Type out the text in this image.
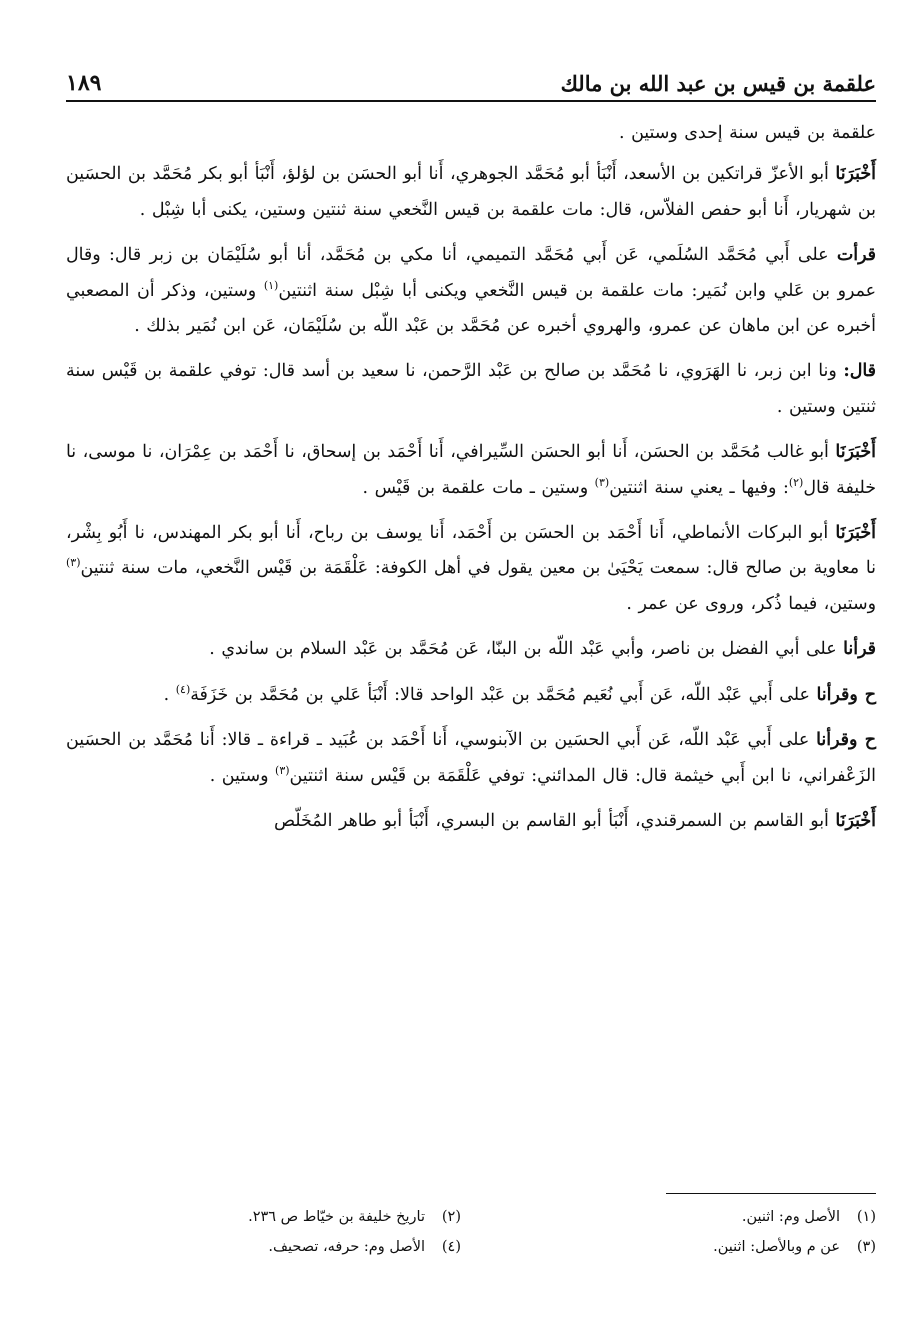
علقمة بن قيس بن عبد الله بن مالك
١٨٩

علقمة بن قيس سنة إحدى وستين .

أَخْبَرَنَا أبو الأعزّ قراتكين بن الأسعد، أَنْبَأ أبو مُحَمَّد الجوهري، أَنا أبو الحسَن بن لؤلؤ، أَنْبَأ أبو بكر مُحَمَّد بن الحسَين بن شهريار، أَنا أبو حفص الفلاّس، قال: مات علقمة بن قيس النَّخعي سنة ثنتين وستين، يكنى أبا شِبْل .

قرأت على أَبي مُحَمَّد السُلَمي، عَن أَبي مُحَمَّد التميمي، أنا مكي بن مُحَمَّد، أنا أبو سُلَيْمَان بن زبر قال: وقال عمرو بن عَلي وابن نُمَير: مات علقمة بن قيس النَّخعي ويكنى أبا شِبْل سنة اثنتين$^{(١)}$ وستين، وذكر أن المصعبي أخبره عن ابن ماهان عن عمرو، والهروي أخبره عن مُحَمَّد بن عَبْد اللّه بن سُلَيْمَان، عَن ابن نُمَير بذلك .

قال: ونا ابن زبر، نا الهَرَوي، نا مُحَمَّد بن صالح بن عَبْد الرَّحمن، نا سعيد بن أسد قال: توفي علقمة بن قَيْس سنة ثنتين وستين .

أَخْبَرَنَا أبو غالب مُحَمَّد بن الحسَن، أَنا أبو الحسَن السِّيرافي، أَنا أَحْمَد بن إسحاق، نا أَحْمَد بن عِمْرَان، نا موسى، نا خليفة قال$^{(٢)}$: وفيها ـ يعني سنة اثنتين$^{(٣)}$ وستين ـ مات علقمة بن قَيْس .

أَخْبَرَنَا أبو البركات الأنماطي، أَنا أَحْمَد بن الحسَن بن أَحْمَد، أَنا يوسف بن رباح، أَنا أبو بكر المهندس، نا أَبُو بِشْر، نا معاوية بن صالح قال: سمعت يَحْيَىٰ بن معين يقول في أهل الكوفة: عَلْقَمَة بن قَيْس النَّخعي، مات سنة ثنتين$^{(٣)}$ وستين، فيما ذُكر، وروى عن عمر .

قرأنا على أبي الفضل بن ناصر، وأبي عَبْد اللّه بن البنّا، عَن مُحَمَّد بن عَبْد السلام بن ساندي .

ح وقرأنا على أَبي عَبْد اللّه، عَن أَبي نُعَيم مُحَمَّد بن عَبْد الواحد قالا: أَنْبَأ عَلي بن مُحَمَّد بن خَزَفَة$^{(٤)}$ .

ح وقرأنا على أَبي عَبْد اللّه، عَن أَبي الحسَين بن الآبنوسي، أَنا أَحْمَد بن عُبَيد ـ قراءة ـ قالا: أَنا مُحَمَّد بن الحسَين الزَعْفراني، نا ابن أَبي خيثمة قال: قال المدائني: توفي عَلْقَمَة بن قَيْس سنة اثنتين$^{(٣)}$ وستين .

أَخْبَرَنَا أبو القاسم بن السمرقندي، أَنْبَأ أبو القاسم بن البسري، أَنْبَأ أبو طاهر المُخَلّص

(١)
الأصل وم: اثنين.
(٢)
تاريخ خليفة بن خيّاط ص ٢٣٦.
(٣)
عن م وبالأصل: اثنين.
(٤)
الأصل وم: حرفه، تصحيف.
